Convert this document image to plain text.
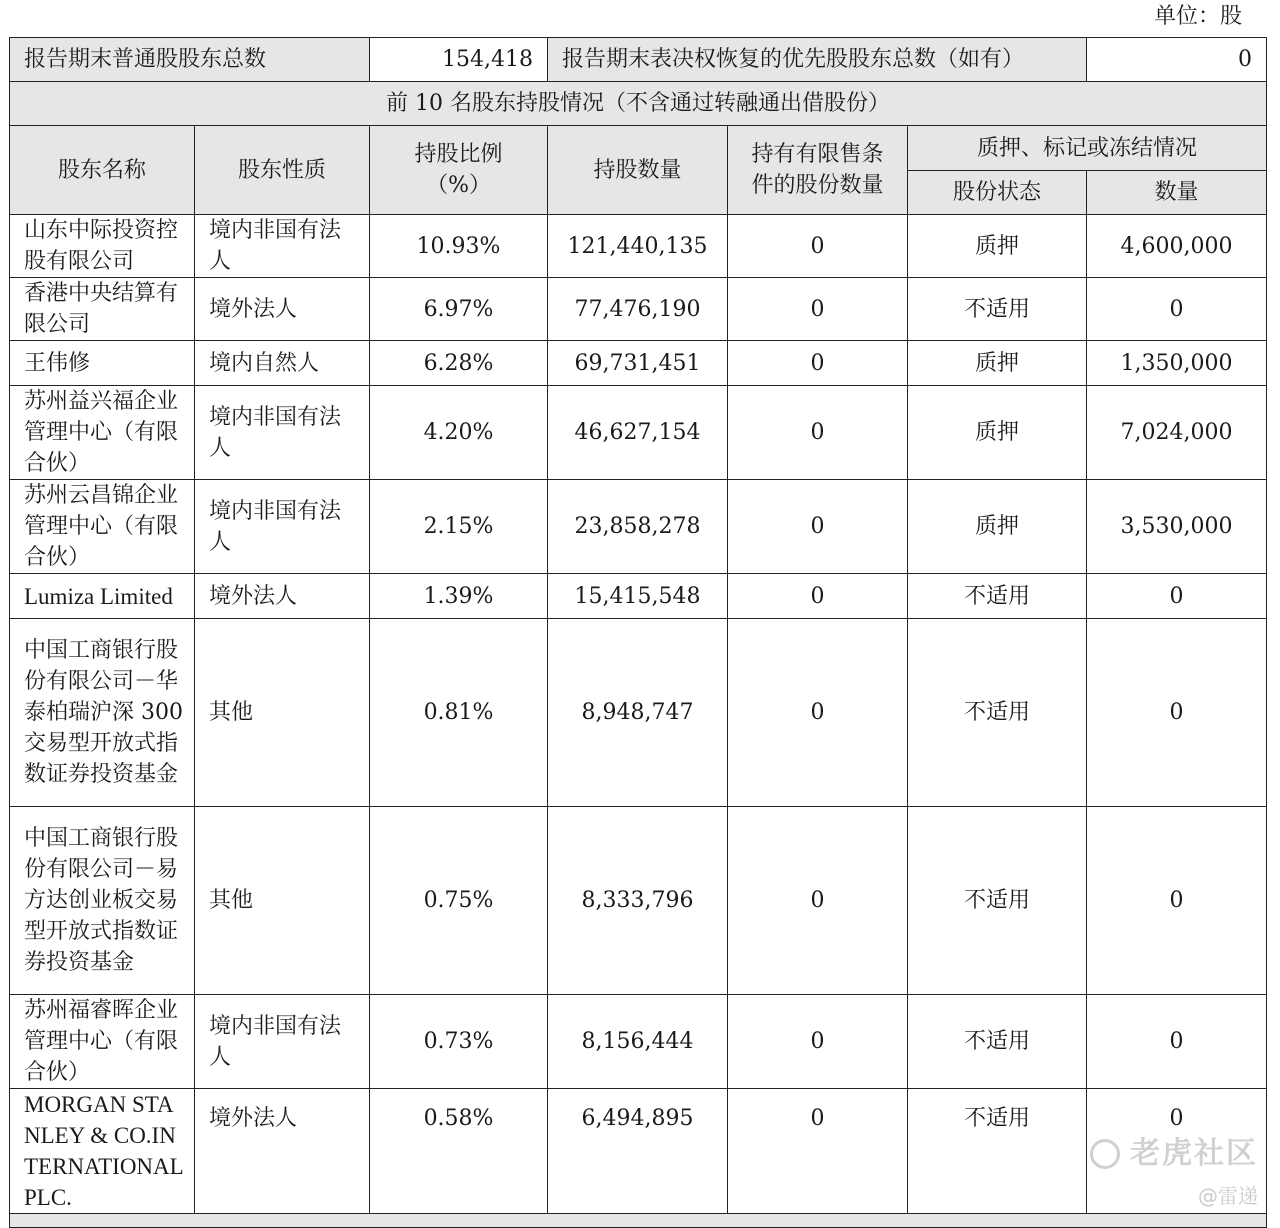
单位：股
报告期末普通股股东总数		154,418	报告期末表决权恢复的优先股股东总数（如有）			0
前 10 名股东持股情况（不含通过转融通出借股份）						
股东名称	股东性质	持股比例（%）	持股数量	持有有限售条件的股份数量	质押、标记或冻结情况	
					股份状态	数量
山东中际投资控股有限公司	境内非国有法人	10.93%	121,440,135	0	质押	4,600,000
香港中央结算有限公司	境外法人	6.97%	77,476,190	0	不适用	0
王伟修	境内自然人	6.28%	69,731,451	0	质押	1,350,000
苏州益兴福企业管理中心（有限合伙）	境内非国有法人	4.20%	46,627,154	0	质押	7,024,000
苏州云昌锦企业管理中心（有限合伙）	境内非国有法人	2.15%	23,858,278	0	质押	3,530,000
Lumiza Limited	境外法人	1.39%	15,415,548	0	不适用	0
中国工商银行股份有限公司－华泰柏瑞沪深 300 交易型开放式指数证券投资基金	其他	0.81%	8,948,747	0	不适用	0
中国工商银行股份有限公司－易方达创业板交易型开放式指数证券投资基金	其他	0.75%	8,333,796	0	不适用	0
苏州福睿晖企业管理中心（有限合伙）	境内非国有法人	0.73%	8,156,444	0	不适用	0
MORGAN STANLEY & CO.INTERNATIONAL PLC.	境外法人	0.58%	6,494,895	0	不适用	0

老虎社区
@雷递
